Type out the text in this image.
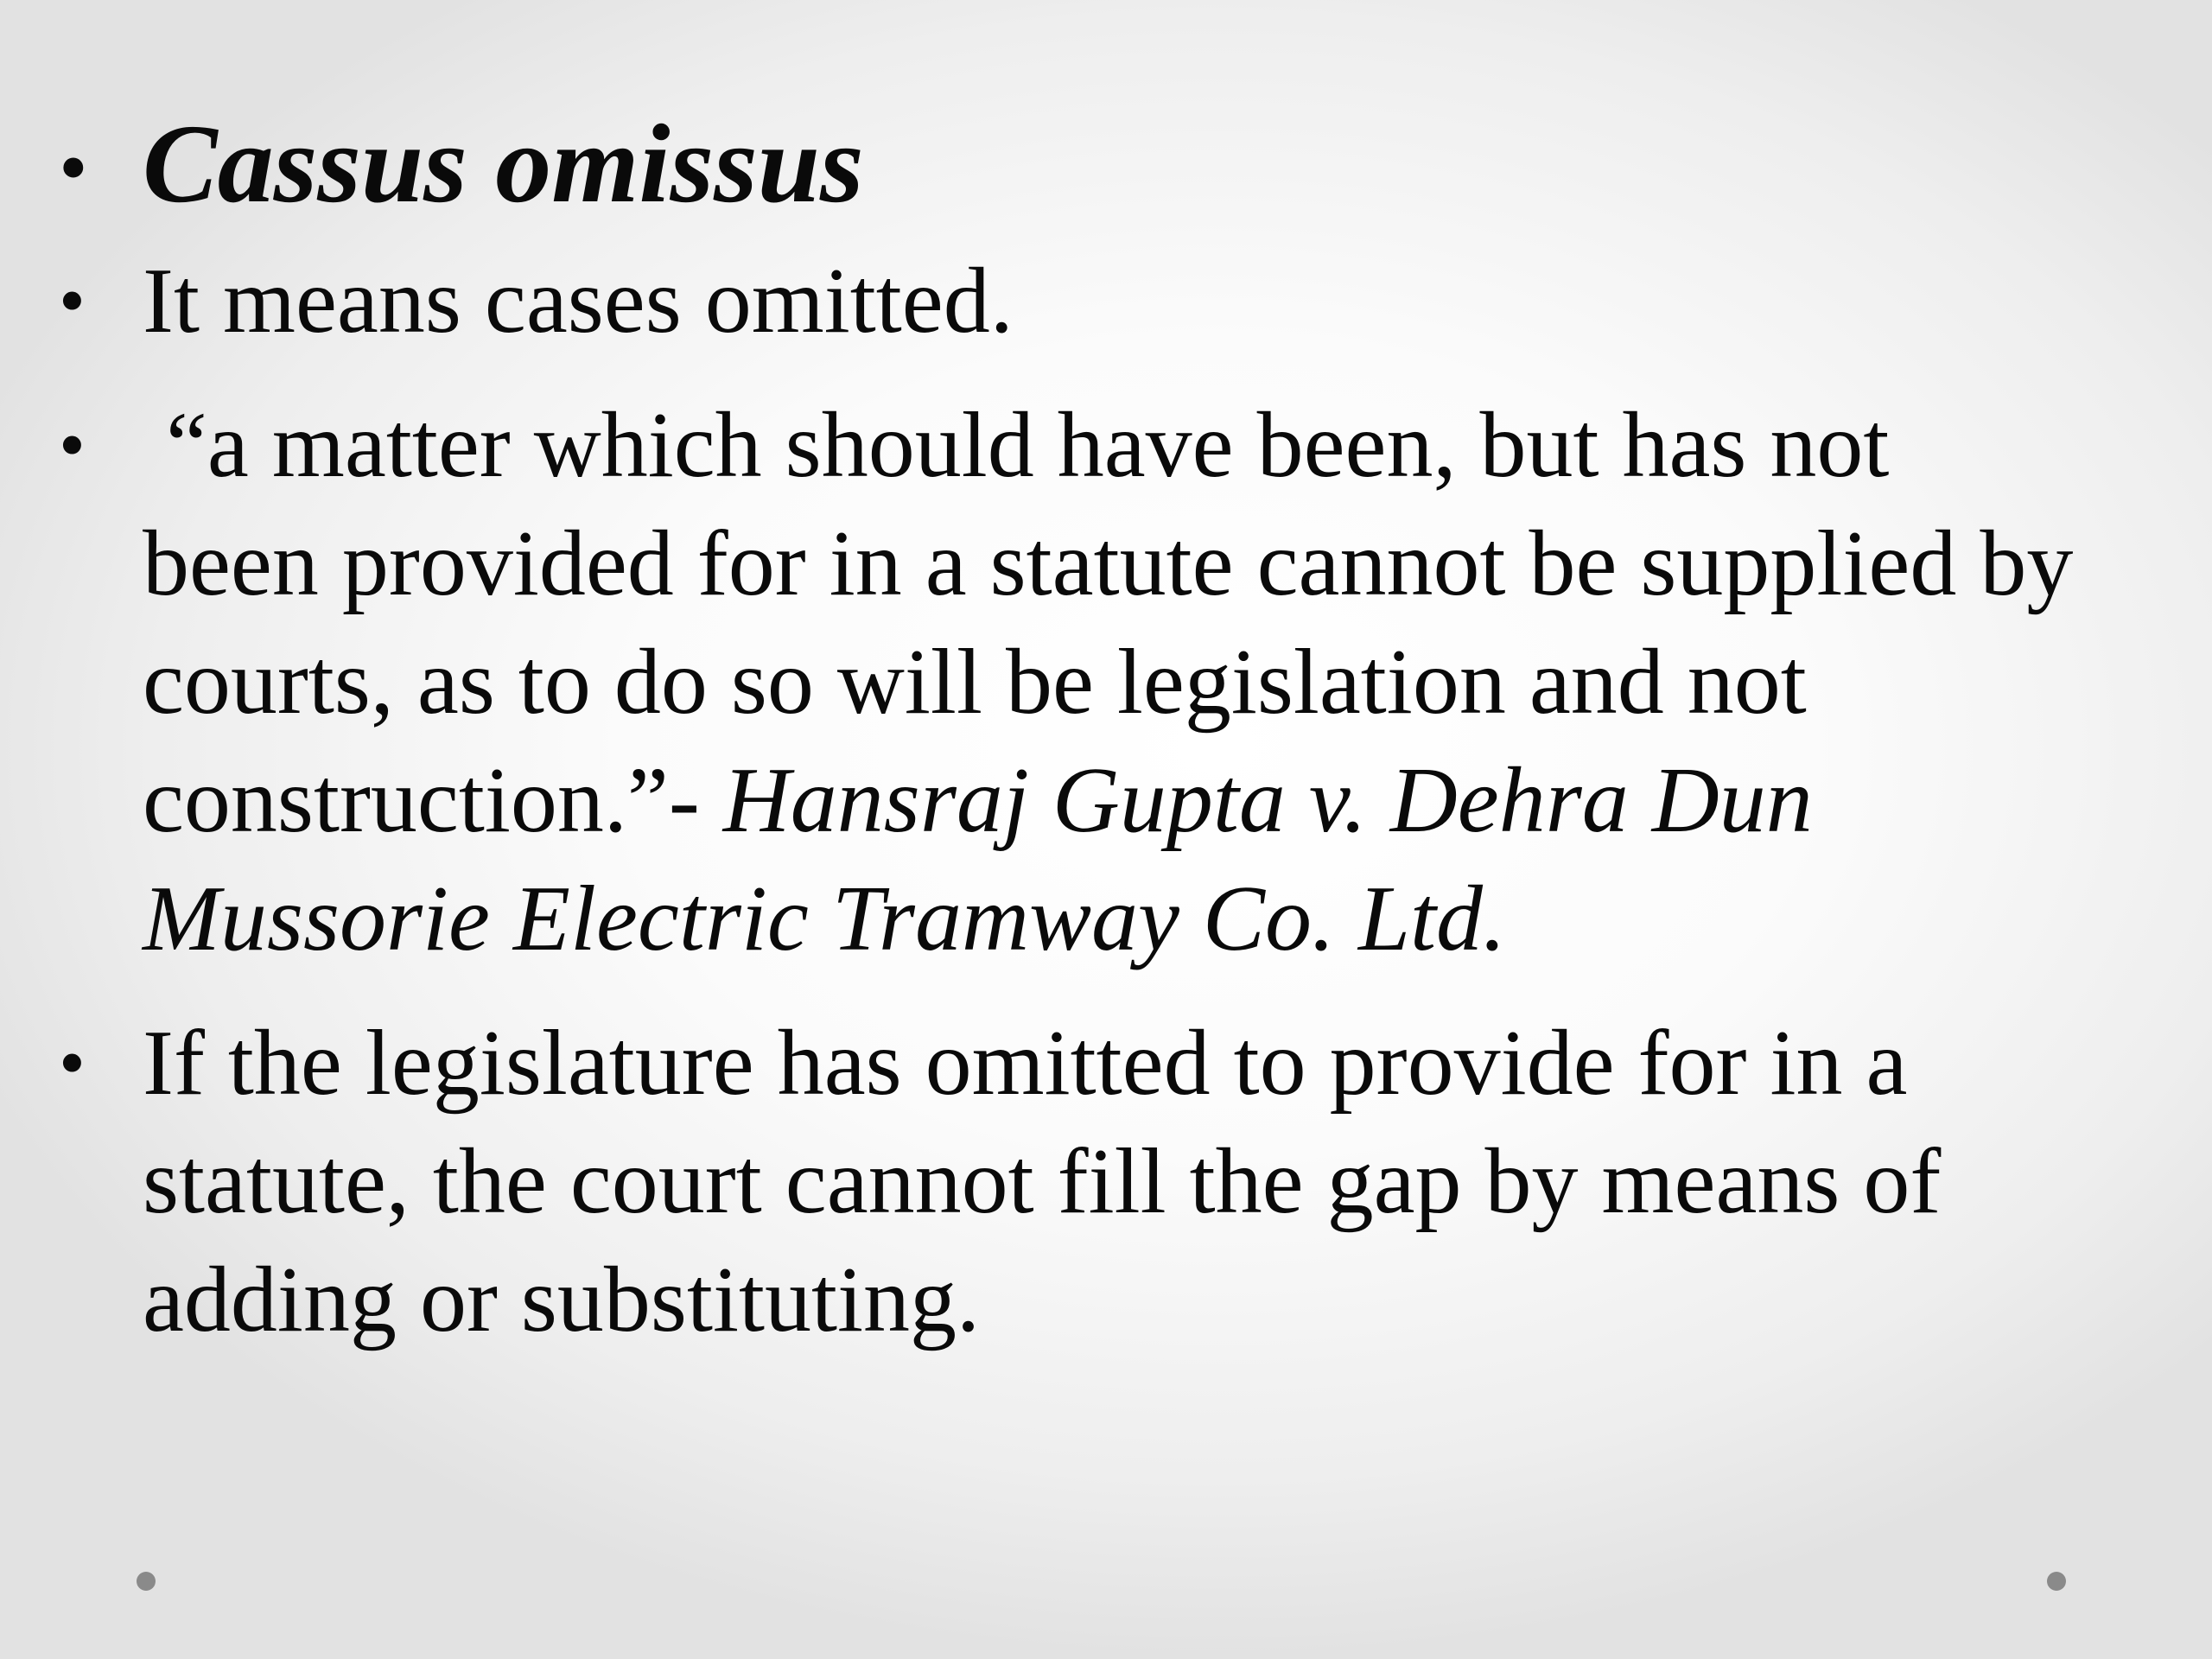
• Cassus omissus
• It means cases omitted.
• “a matter which should have been, but has not been provided for in a statute cannot be supplied by courts, as to do so will be legislation and not construction.”- Hansraj Gupta v. Dehra Dun Mussorie Electric Tramway Co. Ltd.
• If the legislature has omitted to provide for in a statute, the court cannot fill the gap by means of adding or substituting.
